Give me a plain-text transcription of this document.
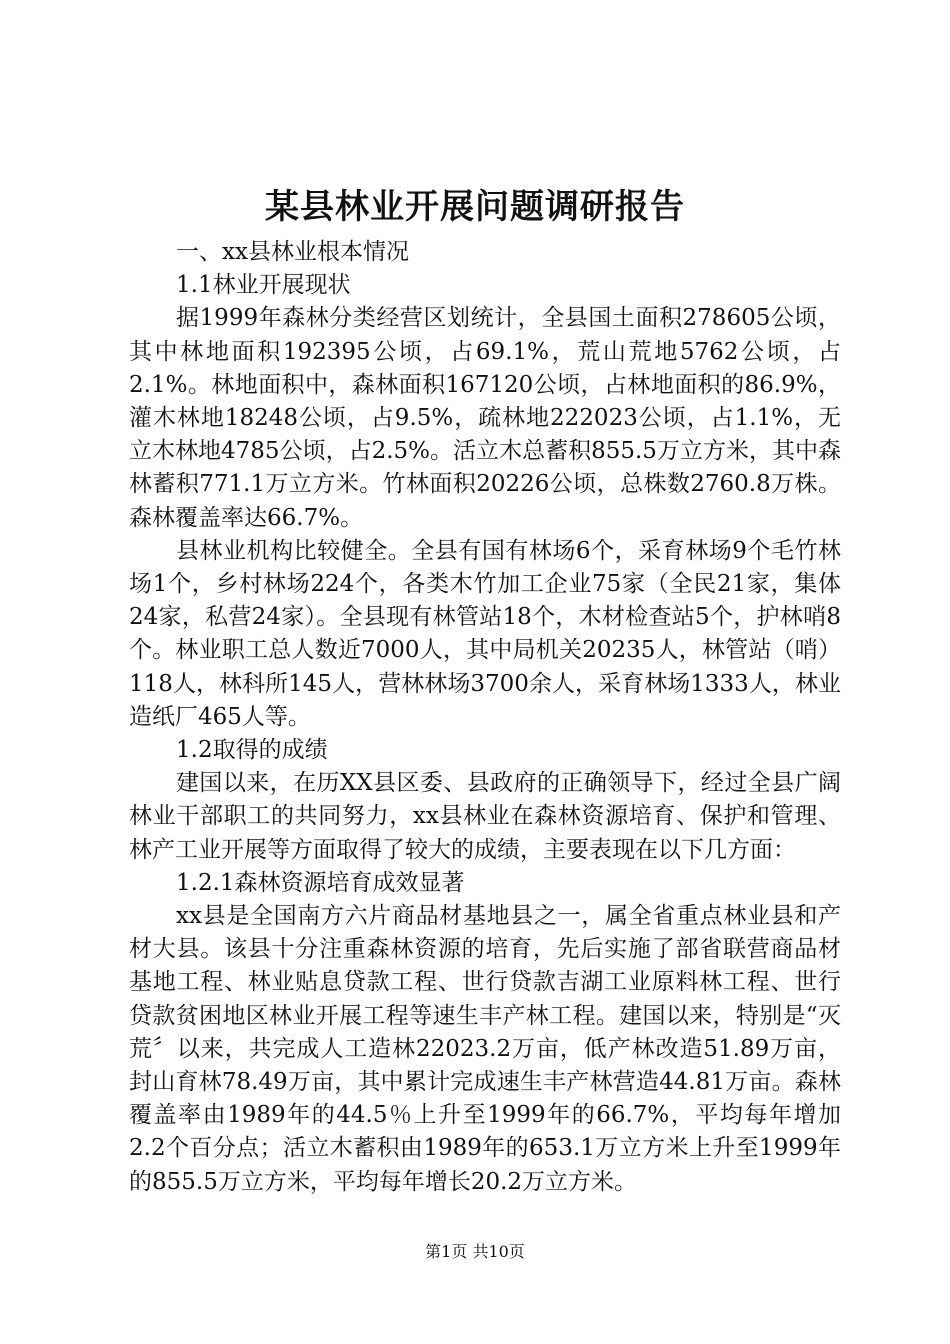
某县林业开展问题调研报告

一、xx县林业根本情况

1.1林业开展现状

据1999年森林分类经营区划统计，全县国土面积278605公顷，其中林地面积192395公顷，占69.1%，荒山荒地5762公顷，占2.1%。林地面积中，森林面积167120公顷，占林地面积的86.9%，灌木林地18248公顷，占9.5%，疏林地222023公顷，占1.1%，无立木林地4785公顷，占2.5%。活立木总蓄积855.5万立方米，其中森林蓄积771.1万立方米。竹林面积20226公顷，总株数2760.8万株。森林覆盖率达66.7%。

县林业机构比较健全。全县有国有林场6个，采育林场9个毛竹林场1个，乡村林场224个，各类木竹加工企业75家（全民21家，集体24家，私营24家）。全县现有林管站18个，木材检查站5个，护林哨8个。林业职工总人数近7000人，其中局机关20235人，林管站（哨）118人，林科所145人，营林林场3700余人，采育林场1333人，林业造纸厂465人等。

1.2取得的成绩

建国以来，在历XX县区委、县政府的正确领导下，经过全县广阔林业干部职工的共同努力，xx县林业在森林资源培育、保护和管理、林产工业开展等方面取得了较大的成绩，主要表现在以下几方面：

1.2.1森林资源培育成效显著

xx县是全国南方六片商品材基地县之一，属全省重点林业县和产材大县。该县十分注重森林资源的培育，先后实施了部省联营商品材基地工程、林业贴息贷款工程、世行贷款吉湖工业原料林工程、世行贷款贫困地区林业开展工程等速生丰产林工程。建国以来，特别是“灭荒〞以来，共完成人工造林22023.2万亩，低产林改造51.89万亩，封山育林78.49万亩，其中累计完成速生丰产林营造44.81万亩。森林覆盖率由1989年的44.5％上升至1999年的66.7%，平均每年增加2.2个百分点；活立木蓄积由1989年的653.1万立方米上升至1999年的855.5万立方米，平均每年增长20.2万立方米。

第1页 共10页
